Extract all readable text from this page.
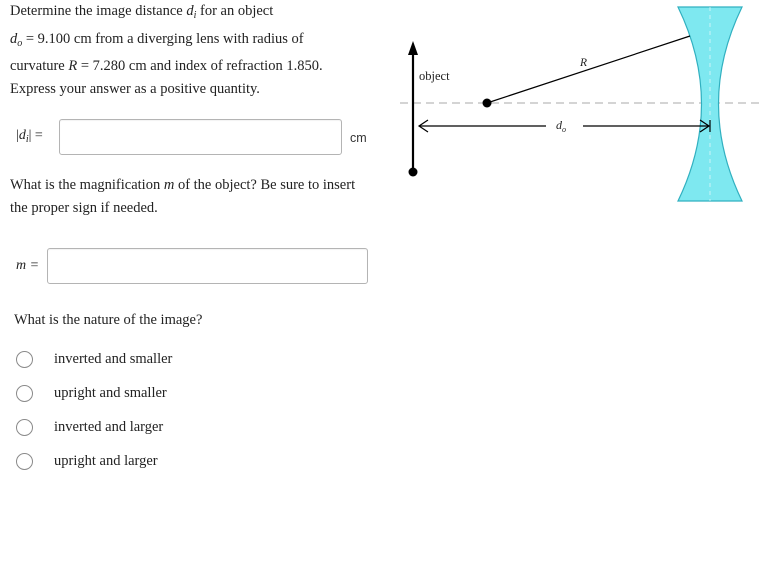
Determine the image distance $d_i$ for an object

$d_o = 9.100$ cm from a diverging lens with radius of

curvature R = 7.280 cm and index of refraction 1.850.

Express your answer as a positive quantity.

$|d_i|$ =	cm

What is the magnification m of the object? Be sure to insert

the proper sign if needed.

m =
What is the nature of the image?
inverted and smaller
upright and smaller
inverted and larger
upright and larger
object
R
$d_o$
